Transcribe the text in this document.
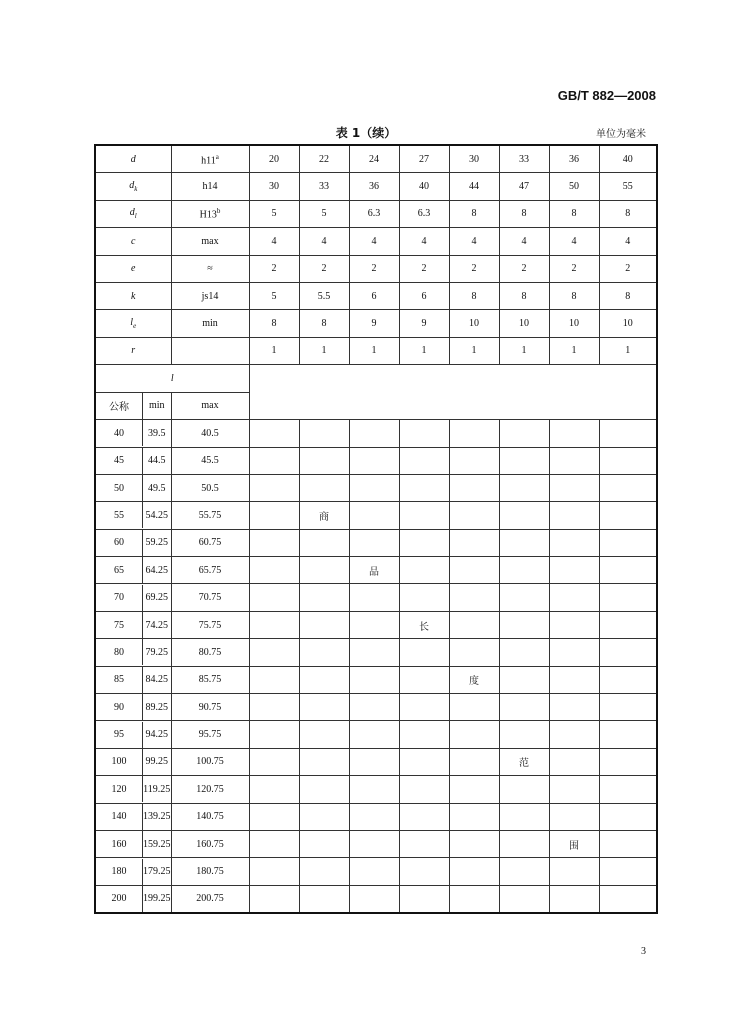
GB/T 882—2008
表 1（续）	单位为毫米
d	h11$^a$	20	22	24	27	30	33	36	40
$d_k$	h14	30	33	36	40	44	47	50	55
$d_l$	H13$^b$	5	5	6.3	6.3	8	8	8	8
c	max	4	4	4	4	4	4	4	4
e	≈	2	2	2	2	2	2	2	2
k	js14	5	5.5	6	6	8	8	8	8
$l_e$	min	8	8	9	9	10	10	10	10
r		1	1	1	1	1	1	1	1
l									

公称 min	max								

40 39.5	40.5								

45 44.5	45.5								

50 49.5	50.5								

55 54.25	55.75		商						

60 59.25	60.75								

65 64.25	65.75			品					

70 69.25	70.75								

75 74.25	75.75				长				

80 79.25	80.75								

85 84.25	85.75					度			

90 89.25	90.75								

95 94.25	95.75								

100 99.25	100.75						范		

120 119.25	120.75								

140 139.25	140.75								

160 159.25	160.75							围	

180 179.25	180.75								

200 199.25	200.75								
3
